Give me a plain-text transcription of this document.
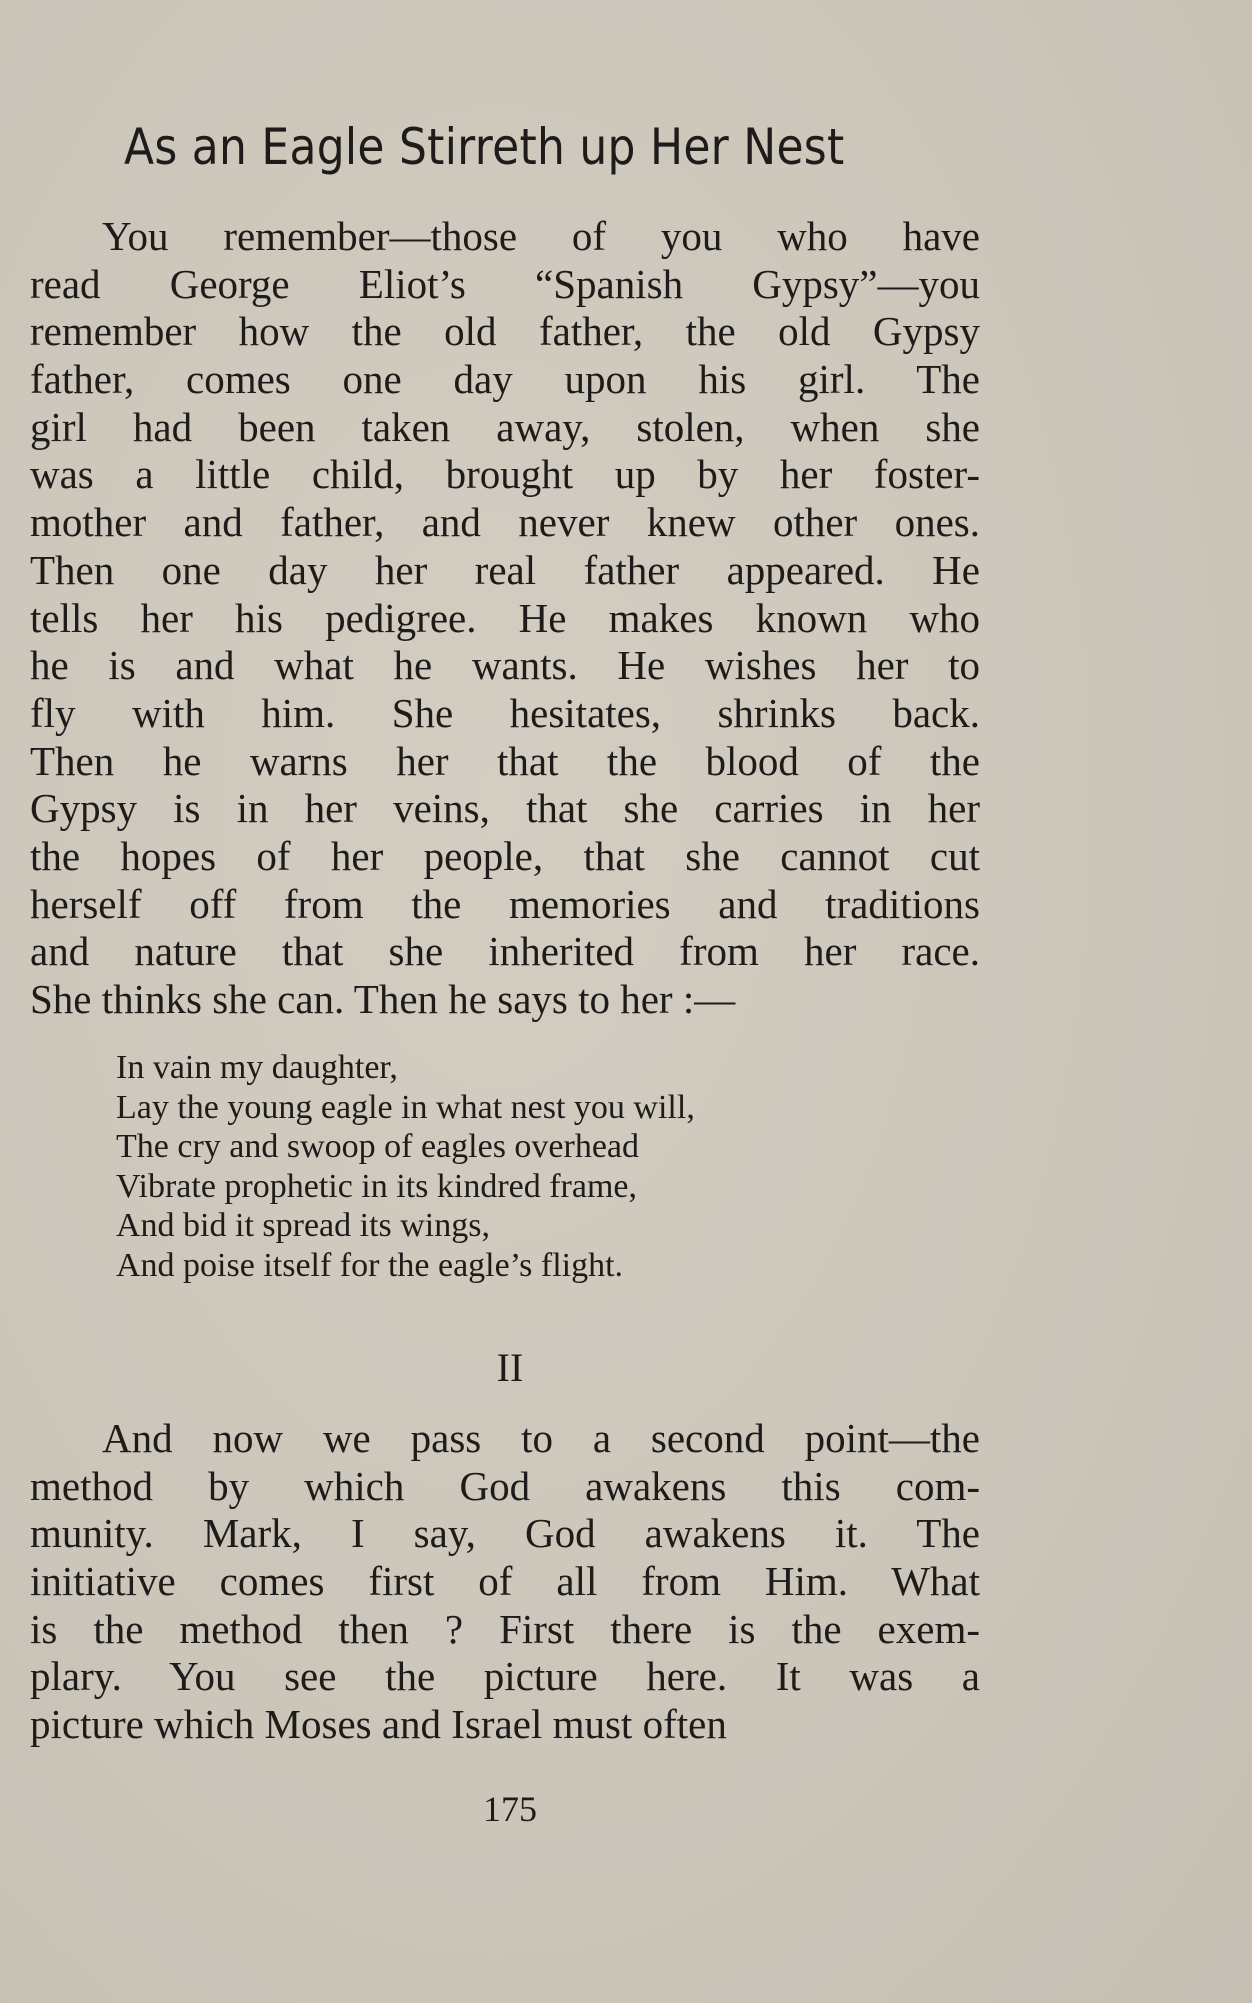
As an Eagle Stirreth up Her Nest
You remember—those of you who have
read George Eliot’s “Spanish Gypsy”—you
remember how the old father, the old Gypsy
father, comes one day upon his girl. The
girl had been taken away, stolen, when she
was a little child, brought up by her foster-
mother and father, and never knew other ones.
Then one day her real father appeared. He
tells her his pedigree. He makes known who
he is and what he wants. He wishes her to
fly with him. She hesitates, shrinks back.
Then he warns her that the blood of the
Gypsy is in her veins, that she carries in her
the hopes of her people, that she cannot cut
herself off from the memories and traditions
and nature that she inherited from her race.
She thinks she can. Then he says to her :—
In vain my daughter,
Lay the young eagle in what nest you will,
The cry and swoop of eagles overhead
Vibrate prophetic in its kindred frame,
And bid it spread its wings,
And poise itself for the eagle’s flight.
II
And now we pass to a second point—the
method by which God awakens this com-
munity. Mark, I say, God awakens it. The
initiative comes first of all from Him. What
is the method then ? First there is the exem-
plary. You see the picture here. It was a
picture which Moses and Israel must often
175
